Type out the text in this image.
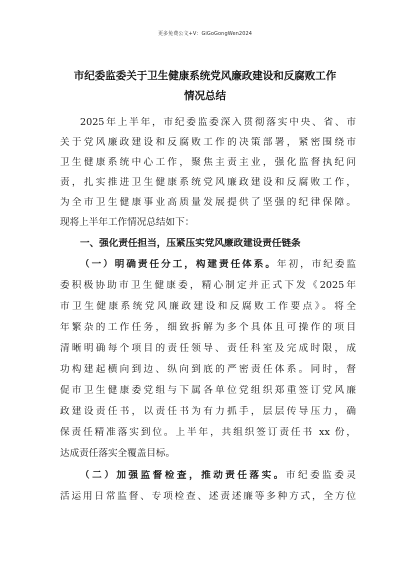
更多免费公文+V：GiGoGongWen2024
市纪委监委关于卫生健康系统党风廉政建设和反腐败工作
情况总结
2025年上半年，市纪委监委深入贯彻落实中央、省、市
关于党风廉政建设和反腐败工作的决策部署，紧密围绕市
卫生健康系统中心工作，聚焦主责主业，强化监督执纪问
责，扎实推进卫生健康系统党风廉政建设和反腐败工作，
为全市卫生健康事业高质量发展提供了坚强的纪律保障。
现将上半年工作情况总结如下：
一、强化责任担当，压紧压实党风廉政建设责任链条
（一）明确责任分工，构建责任体系。年初，市纪委监
委积极协助市卫生健康委，精心制定并正式下发《2025年
市卫生健康系统党风廉政建设和反腐败工作要点》。将全
年繁杂的工作任务，细致拆解为多个具体且可操作的项目
清晰明确每个项目的责任领导、责任科室及完成时限，成
功构建起横向到边、纵向到底的严密责任体系。同时，督
促市卫生健康委党组与下属各单位党组织郑重签订党风廉
政建设责任书，以责任书为有力抓手，层层传导压力，确
保责任精准落实到位。上半年，共组织签订责任书 xx 份，
达成责任落实全覆盖目标。
（二）加强监督检查，推动责任落实。市纪委监委灵
活运用日常监督、专项检查、述责述廉等多种方式，全方位
